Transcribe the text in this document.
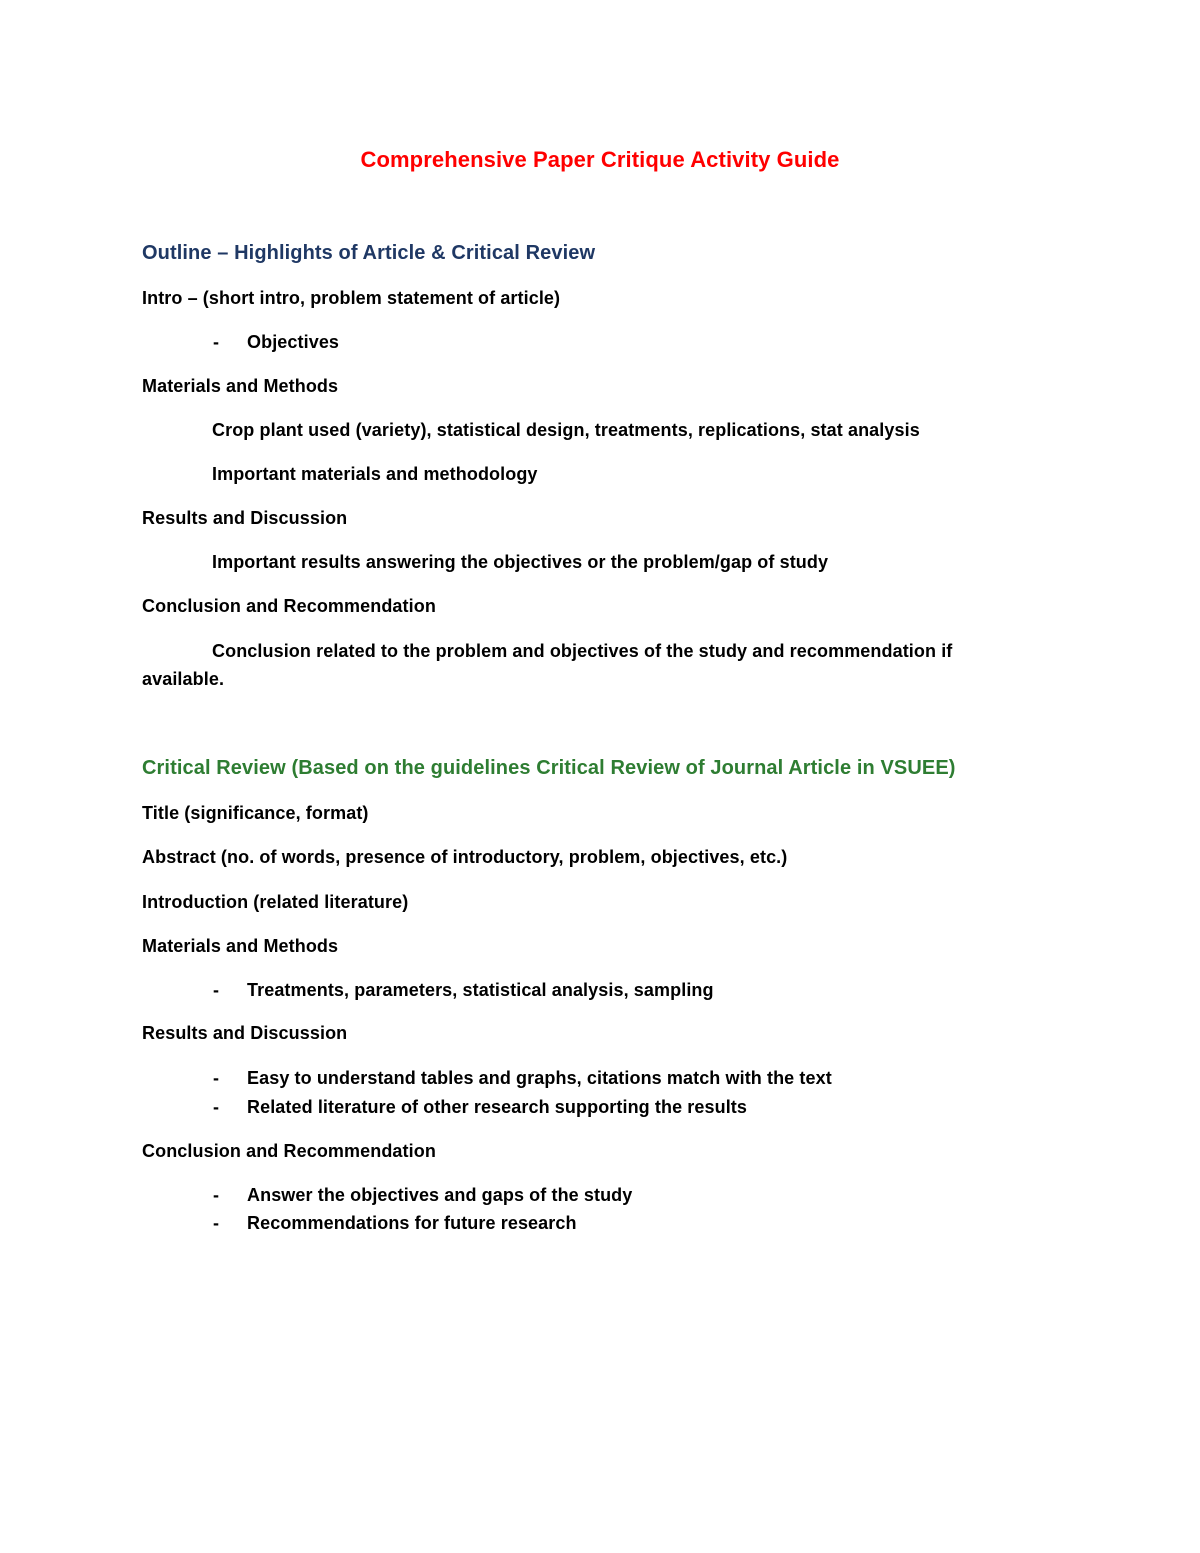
Comprehensive Paper Critique Activity Guide
Outline – Highlights of Article & Critical Review
Intro – (short intro, problem statement of article)
- Objectives
Materials and Methods
Crop plant used (variety), statistical design, treatments, replications, stat analysis
Important materials and methodology
Results and Discussion
Important results answering the objectives or the problem/gap of study
Conclusion and Recommendation
Conclusion related to the problem and objectives of the study and recommendation if
available.
Critical Review (Based on the guidelines Critical Review of Journal Article in VSUEE)
Title (significance, format)
Abstract (no. of words, presence of introductory, problem, objectives, etc.)
Introduction (related literature)
Materials and Methods
- Treatments, parameters, statistical analysis, sampling
Results and Discussion
- Easy to understand tables and graphs, citations match with the text
- Related literature of other research supporting the results
Conclusion and Recommendation
- Answer the objectives and gaps of the study
- Recommendations for future research
